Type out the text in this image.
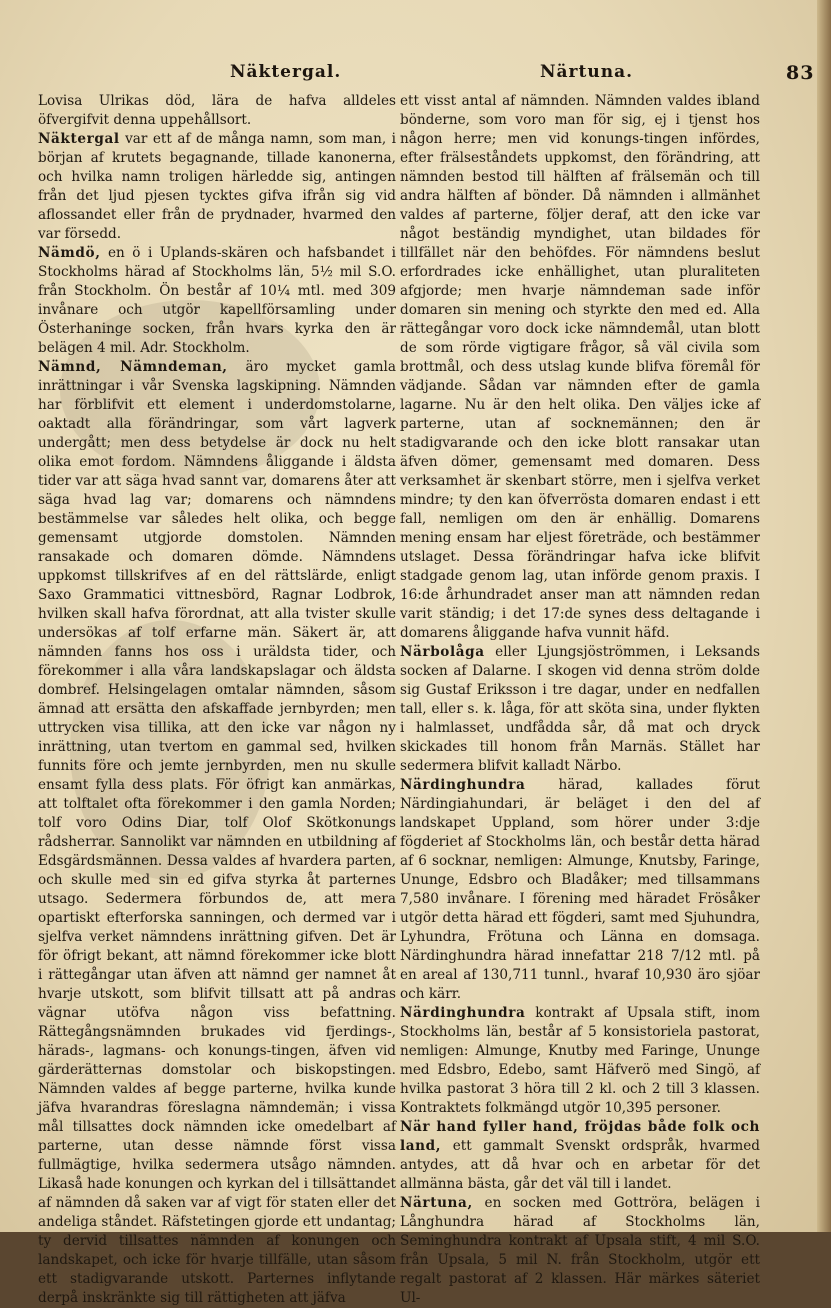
Näktergal.	Närtuna.	83

Lovisa Ulrikas död, lära de hafva alldeles öfvergifvit denna uppehållsort.

Näktergal var ett af de många namn, som man, i början af krutets begagnande, tillade kanonerna, och hvilka namn troligen härledde sig, antingen från det ljud pjesen tycktes gifva ifrån sig vid aflossandet eller från de prydnader, hvarmed den var försedd.

Nämdö, en ö i Uplands-skären och hafsbandet i Stockholms härad af Stockholms län, 5½ mil S.O. från Stockholm. Ön består af 10¼ mtl. med 309 invånare och utgör kapellförsamling under Österhaninge socken, från hvars kyrka den är belägen 4 mil. Adr. Stockholm.

Nämnd, Nämndeman, äro mycket gamla inrättningar i vår Svenska lagskipning. Nämnden har förblifvit ett element i underdomstolarne, oaktadt alla förändringar, som vårt lagverk undergått; men dess betydelse är dock nu helt olika emot fordom. Nämndens åliggande i äldsta tider var att säga hvad sannt var, domarens åter att säga hvad lag var; domarens och nämndens bestämmelse var således helt olika, och begge gemensamt utgjorde domstolen. Nämnden ransakade och domaren dömde. Nämndens uppkomst tillskrifves af en del rättslärde, enligt Saxo Grammatici vittnesbörd, Ragnar Lodbrok, hvilken skall hafva förordnat, att alla tvister skulle undersökas af tolf erfarne män. Säkert är, att nämnden fanns hos oss i uräldsta tider, och förekommer i alla våra landskapslagar och äldsta dombref. Helsingelagen omtalar nämnden, såsom ämnad att ersätta den afskaffade jernbyrden; men uttrycken visa tillika, att den icke var någon ny inrättning, utan tvertom en gammal sed, hvilken funnits före och jemte jernbyrden, men nu skulle ensamt fylla dess plats. För öfrigt kan anmärkas, att tolftalet ofta förekommer i den gamla Norden; tolf voro Odins Diar, tolf Olof Skötkonungs rådsherrar. Sannolikt var nämnden en utbildning af Edsgärdsmännen. Dessa valdes af hvardera parten, och skulle med sin ed gifva styrka åt parternes utsago. Sedermera förbundos de, att mera opartiskt efterforska sanningen, och dermed var i sjelfva verket nämndens inrättning gifven. Det är för öfrigt bekant, att nämnd förekommer icke blott i rättegångar utan äfven att nämnd ger namnet åt hvarje utskott, som blifvit tillsatt att på andras vägnar utöfva någon viss befattning. Rättegångsnämnden brukades vid fjerdings-, härads-, lagmans- och konungs-tingen, äfven vid gärderätternas domstolar och biskopstingen. Nämnden valdes af begge parterne, hvilka kunde jäfva hvarandras föreslagna nämndemän; i vissa mål tillsattes dock nämnden icke omedelbart af parterne, utan desse nämnde först vissa fullmägtige, hvilka sedermera utsågo nämnden. Likaså hade konungen och kyrkan del i tillsättandet af nämnden då saken var af vigt för staten eller det andeliga ståndet. Räfstetingen gjorde ett undantag; ty dervid tillsattes nämnden af konungen och landskapet, och icke för hvarje tillfälle, utan såsom ett stadigvarande utskott. Parternes inflytande derpå inskränkte sig till rättigheten att jäfva

ett visst antal af nämnden. Nämnden valdes ibland bönderne, som voro man för sig, ej i tjenst hos någon herre; men vid konungs-tingen infördes, efter frälseståndets uppkomst, den förändring, att nämnden bestod till hälften af frälsemän och till andra hälften af bönder. Då nämnden i allmänhet valdes af parterne, följer deraf, att den icke var något beständig myndighet, utan bildades för tillfället när den behöfdes. För nämndens beslut erfordrades icke enhällighet, utan pluraliteten afgjorde; men hvarje nämndeman sade inför domaren sin mening och styrkte den med ed. Alla rättegångar voro dock icke nämndemål, utan blott de som rörde vigtigare frågor, så väl civila som brottmål, och dess utslag kunde blifva föremål för vädjande. Sådan var nämnden efter de gamla lagarne. Nu är den helt olika. Den väljes icke af parterne, utan af socknemännen; den är stadigvarande och den icke blott ransakar utan äfven dömer, gemensamt med domaren. Dess verksamhet är skenbart större, men i sjelfva verket mindre; ty den kan öfverrösta domaren endast i ett fall, nemligen om den är enhällig. Domarens mening ensam har eljest företräde, och bestämmer utslaget. Dessa förändringar hafva icke blifvit stadgade genom lag, utan införde genom praxis. I 16:de århundradet anser man att nämnden redan varit ständig; i det 17:de synes dess deltagande i domarens åliggande hafva vunnit häfd.

Närbolåga eller Ljungsjöströmmen, i Leksands socken af Dalarne. I skogen vid denna ström dolde sig Gustaf Eriksson i tre dagar, under en nedfallen tall, eller s. k. låga, för att sköta sina, under flykten i halmlasset, undfådda sår, då mat och dryck skickades till honom från Marnäs. Stället har sedermera blifvit kalladt Närbo.

Närdinghundra härad, kallades förut Närdingiahundari, är beläget i den del af landskapet Uppland, som hörer under 3:dje fögderiet af Stockholms län, och består detta härad af 6 socknar, nemligen: Almunge, Knutsby, Faringe, Ununge, Edsbro och Bladåker; med tillsammans 7,580 invånare. I förening med häradet Frösåker utgör detta härad ett fögderi, samt med Sjuhundra, Lyhundra, Frötuna och Länna en domsaga. Närdinghundra härad innefattar 218 7/12 mtl. på en areal af 130,711 tunnl., hvaraf 10,930 äro sjöar och kärr.

Närdinghundra kontrakt af Upsala stift, inom Stockholms län, består af 5 konsistoriela pastorat, nemligen: Almunge, Knutby med Faringe, Ununge med Edsbro, Edebo, samt Häfverö med Singö, af hvilka pastorat 3 höra till 2 kl. och 2 till 3 klassen. Kontraktets folkmängd utgör 10,395 personer.

När hand fyller hand, fröjdas både folk och land, ett gammalt Svenskt ordspråk, hvarmed antydes, att då hvar och en arbetar för det allmänna bästa, går det väl till i landet.

Närtuna, en socken med Gottröra, belägen i Långhundra härad af Stockholms län, Seminghundra kontrakt af Upsala stift, 4 mil S.O. från Upsala, 5 mil N. från Stockholm, utgör ett regalt pastorat af 2 klassen. Här märkes säteriet Ul-
